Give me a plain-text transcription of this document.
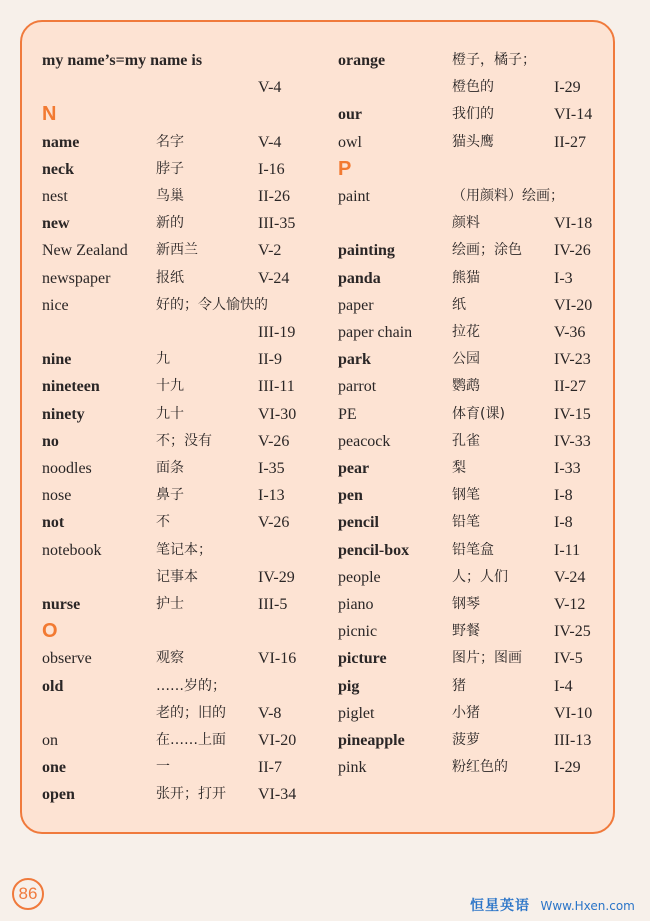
my name’s=my name is
V-4
N
name	名字	V-4
neck	脖子	I-16
nest	鸟巢	II-26
new	新的	III-35
New Zealand 新西兰	V-2
newspaper	报纸	V-24
nice	好的；令人愉快的
III-19
nine	九	II-9
nineteen	十九	III-11
ninety	九十	VI-30
no	不；没有	V-26
noodles	面条	I-35
nose	鼻子	I-13
not	不	V-26
notebook	笔记本；
记事本	IV-29
nurse	护士	III-5
O
observe	观察	VI-16
old	……岁的；
老的；旧的 V-8
on	在……上面 VI-20
one	一	II-7
open	张开；打开 VI-34
orange	橙子，橘子；
橙色的	I-29
our	我们的	VI-14
owl	猫头鹰	II-27
P
paint	（用颜料）绘画；
颜料	VI-18
painting	绘画；涂色 IV-26
panda	熊猫	I-3
paper	纸	VI-20
paper chain	拉花	V-36
park	公园	IV-23
parrot	鹦鹉	II-27
PE	体育(课)	IV-15
peacock	孔雀	IV-33
pear	梨	I-33
pen	钢笔	I-8
pencil	铅笔	I-8
pencil-box	铅笔盒	I-11
people	人；人们	V-24
piano	钢琴	V-12
picnic	野餐	IV-25
picture	图片；图画 IV-5
pig	猪	I-4
piglet	小猪	VI-10
pineapple	菠萝	III-13
pink	粉红色的	I-29
86
恒星英语 Www.Hxen.com
